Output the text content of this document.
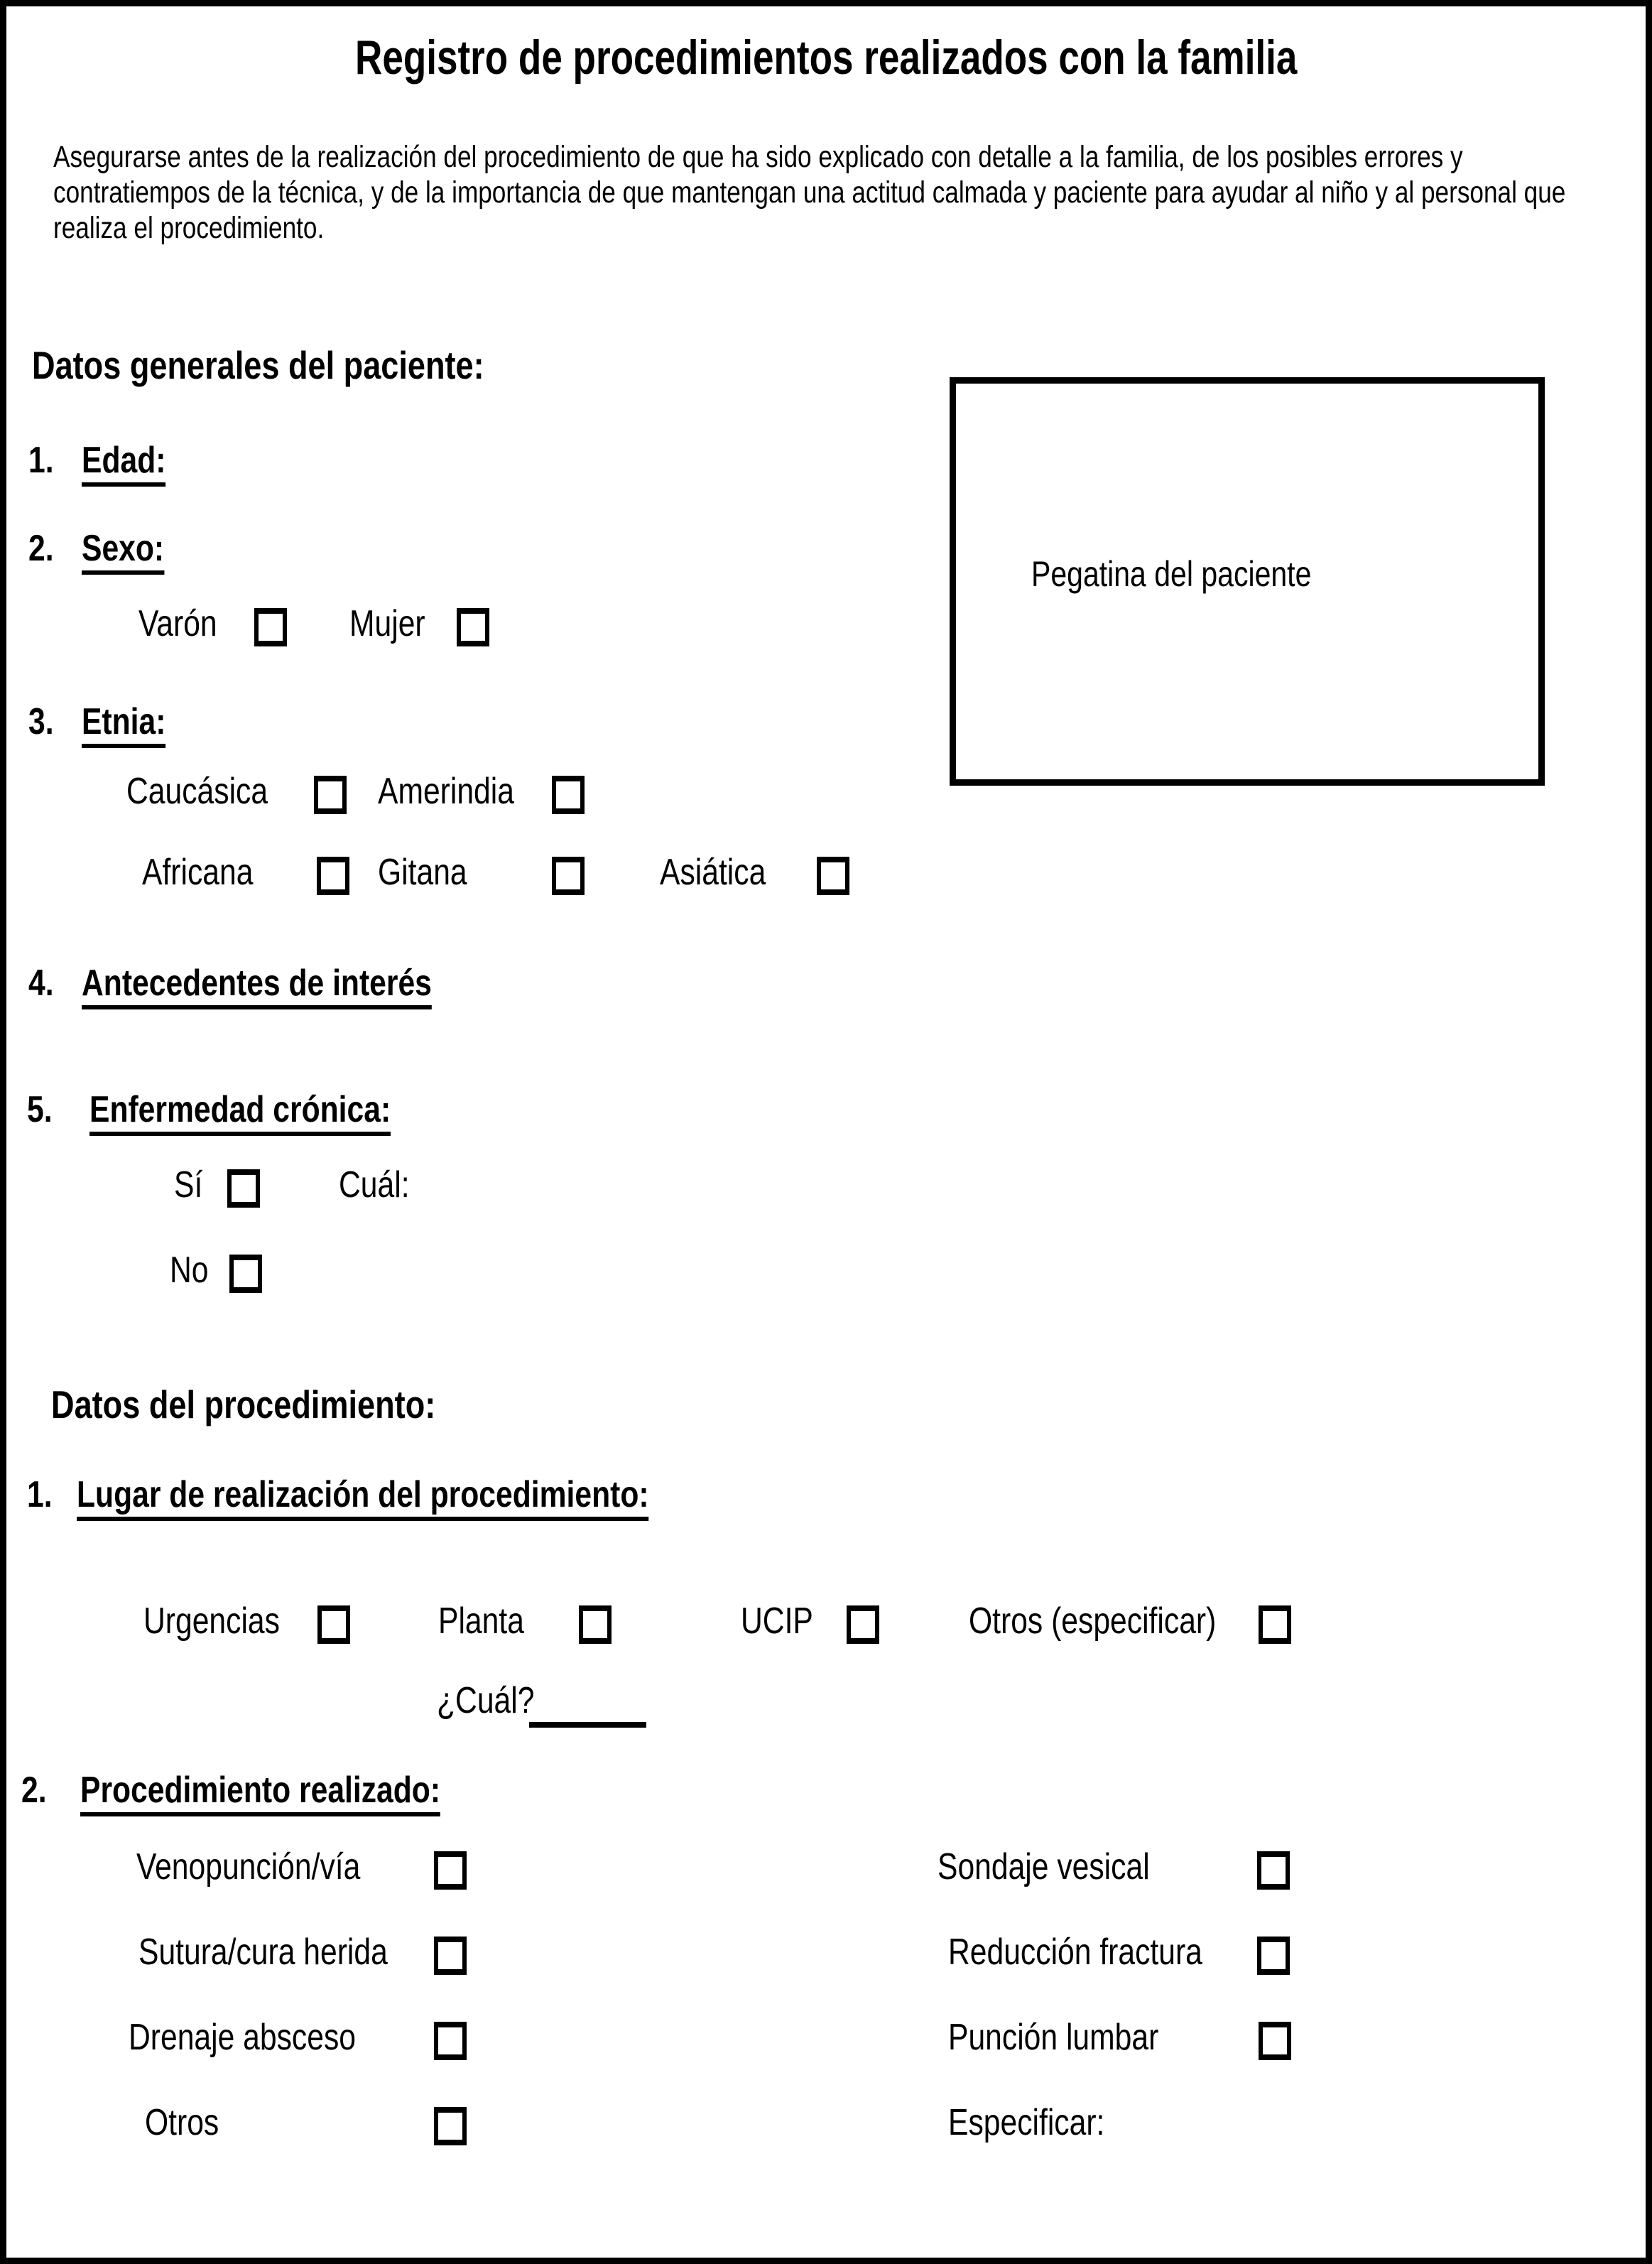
Registro de procedimientos realizados con la familia
Asegurarse antes de la realización del procedimiento de que ha sido explicado con detalle a la familia, de los posibles errores y contratiempos de la técnica, y de la importancia de que mantengan una actitud calmada y paciente para ayudar al niño y al personal que realiza el procedimiento.
Pegatina del paciente
Datos generales del paciente:
1. Edad:
2. Sexo:
Varón	Mujer
3. Etnia:
Caucásica	Amerindia
Africana	Gitana	Asiática
4. Antecedentes de interés
5. Enfermedad crónica:
Sí	Cuál:
No
Datos del procedimiento:
1. Lugar de realización del procedimiento:
Urgencias	Planta	UCIP	Otros (especificar)
¿Cuál?
2. Procedimiento realizado:
Venopunción/vía	Sondaje vesical
Sutura/cura herida	Reducción fractura
Drenaje absceso	Punción lumbar
Otros	Especificar:
